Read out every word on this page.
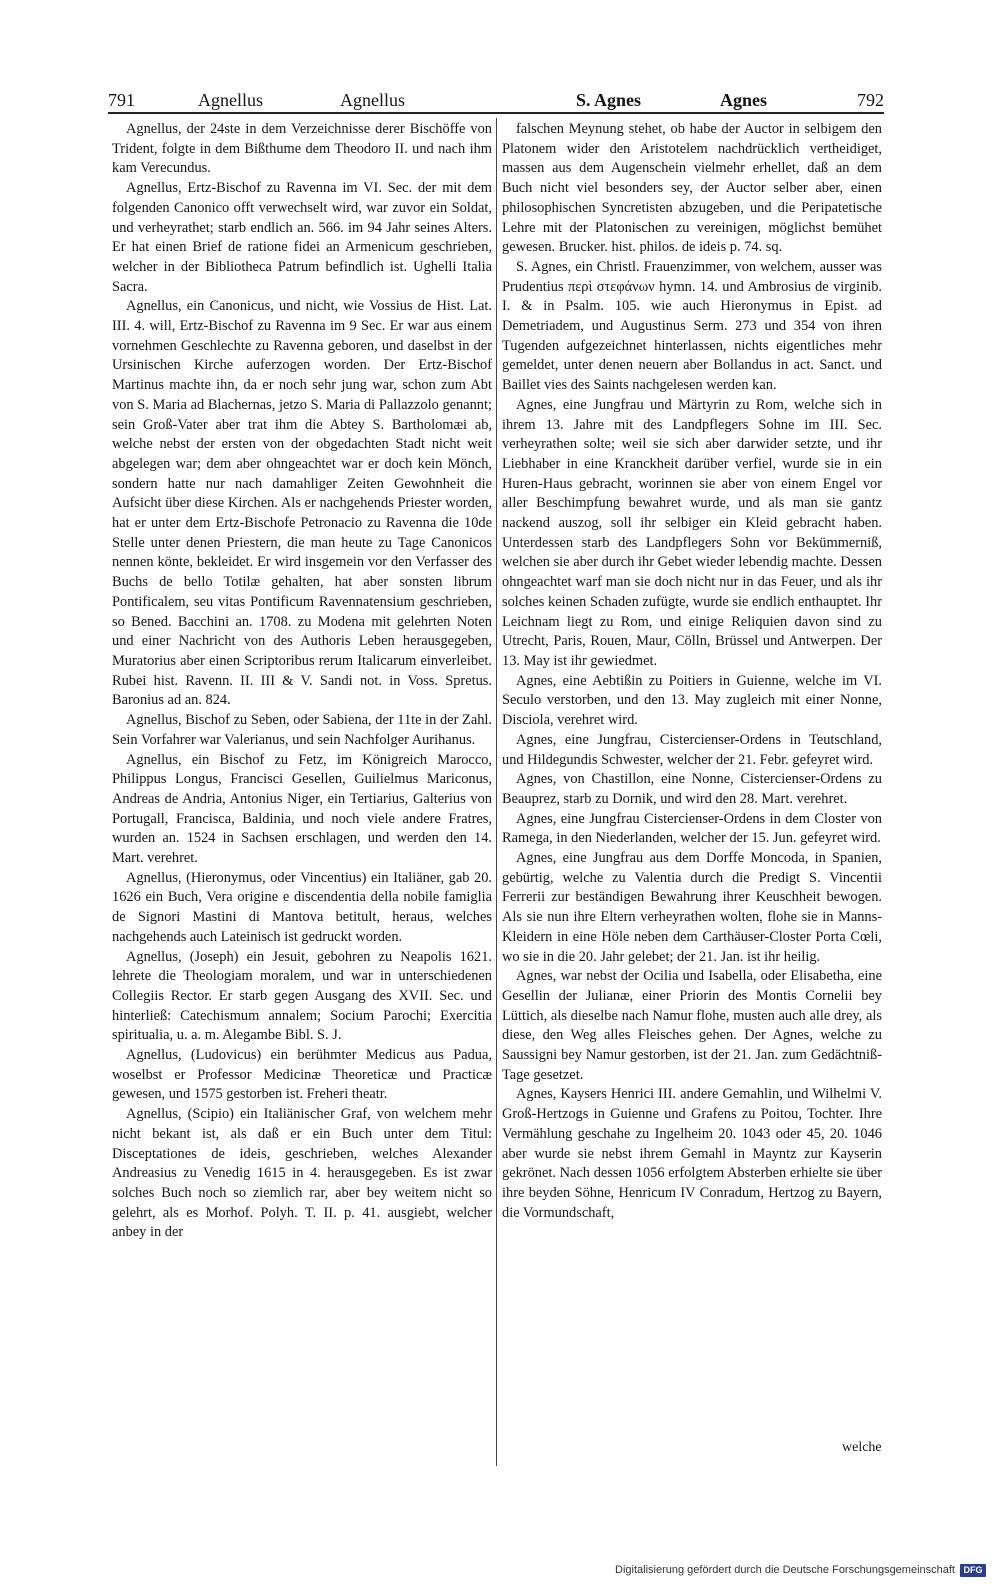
791	Agnellus	Agnellus	S. Agnes	Agnes	792

Agnellus, der 24ste in dem Verzeichnisse derer Bischöffe von Trident, folgte in dem Bißthume dem Theodoro II. und nach ihm kam Verecundus.

Agnellus, Ertz-Bischof zu Ravenna im VI. Sec. der mit dem folgenden Canonico offt verwechselt wird, war zuvor ein Soldat, und verheyrathet; starb endlich an. 566. im 94 Jahr seines Alters. Er hat einen Brief de ratione fidei an Armenicum geschrieben, welcher in der Bibliotheca Patrum befindlich ist. Ughelli Italia Sacra.

Agnellus, ein Canonicus, und nicht, wie Vossius de Hist. Lat. III. 4. will, Ertz-Bischof zu Ravenna im 9 Sec. Er war aus einem vornehmen Geschlechte zu Ravenna geboren, und daselbst in der Ursinischen Kirche auferzogen worden. Der Ertz-Bischof Martinus machte ihn, da er noch sehr jung war, schon zum Abt von S. Maria ad Blachernas, jetzo S. Maria di Pallazzolo genannt; sein Groß-Vater aber trat ihm die Abtey S. Bartholomæi ab, welche nebst der ersten von der obgedachten Stadt nicht weit abgelegen war; dem aber ohngeachtet war er doch kein Mönch, sondern hatte nur nach damahliger Zeiten Gewohnheit die Aufsicht über diese Kirchen. Als er nachgehends Priester worden, hat er unter dem Ertz-Bischofe Petronacio zu Ravenna die 10de Stelle unter denen Priestern, die man heute zu Tage Canonicos nennen könte, bekleidet. Er wird insgemein vor den Verfasser des Buchs de bello Totilæ gehalten, hat aber sonsten librum Pontificalem, seu vitas Pontificum Ravennatensium geschrieben, so Bened. Bacchini an. 1708. zu Modena mit gelehrten Noten und einer Nachricht von des Authoris Leben herausgegeben, Muratorius aber einen Scriptoribus rerum Italicarum einverleibet. Rubei hist. Ravenn. II. III & V. Sandi not. in Voss. Spretus. Baronius ad an. 824.

Agnellus, Bischof zu Seben, oder Sabiena, der 11te in der Zahl. Sein Vorfahrer war Valerianus, und sein Nachfolger Aurihanus.

Agnellus, ein Bischof zu Fetz, im Königreich Marocco, Philippus Longus, Francisci Gesellen, Guilielmus Mariconus, Andreas de Andria, Antonius Niger, ein Tertiarius, Galterius von Portugall, Francisca, Baldinia, und noch viele andere Fratres, wurden an. 1524 in Sachsen erschlagen, und werden den 14. Mart. verehret.

Agnellus, (Hieronymus, oder Vincentius) ein Italiäner, gab 20. 1626 ein Buch, Vera origine e discendentia della nobile famiglia de Signori Mastini di Mantova betitult, heraus, welches nachgehends auch Lateinisch ist gedruckt worden.

Agnellus, (Joseph) ein Jesuit, gebohren zu Neapolis 1621. lehrete die Theologiam moralem, und war in unterschiedenen Collegiis Rector. Er starb gegen Ausgang des XVII. Sec. und hinterließ: Catechismum annalem; Socium Parochi; Exercitia spiritualia, u. a. m. Alegambe Bibl. S. J.

Agnellus, (Ludovicus) ein berühmter Medicus aus Padua, woselbst er Professor Medicinæ Theoreticæ und Practicæ gewesen, und 1575 gestorben ist. Freheri theatr.

Agnellus, (Scipio) ein Italiänischer Graf, von welchem mehr nicht bekant ist, als daß er ein Buch unter dem Titul: Disceptationes de ideis, geschrieben, welches Alexander Andreasius zu Venedig 1615 in 4. herausgegeben. Es ist zwar solches Buch noch so ziemlich rar, aber bey weitem nicht so gelehrt, als es Morhof. Polyh. T. II. p. 41. ausgiebt, welcher anbey in der

falschen Meynung stehet, ob habe der Auctor in selbigem den Platonem wider den Aristotelem nachdrücklich vertheidiget, massen aus dem Augenschein vielmehr erhellet, daß an dem Buch nicht viel besonders sey, der Auctor selber aber, einen philosophischen Syncretisten abzugeben, und die Peripatetische Lehre mit der Platonischen zu vereinigen, möglichst bemühet gewesen. Brucker. hist. philos. de ideis p. 74. sq.

S. Agnes, ein Christl. Frauenzimmer, von welchem, ausser was Prudentius περὶ στεφάνων hymn. 14. und Ambrosius de virginib. I. & in Psalm. 105. wie auch Hieronymus in Epist. ad Demetriadem, und Augustinus Serm. 273 und 354 von ihren Tugenden aufgezeichnet hinterlassen, nichts eigentliches mehr gemeldet, unter denen neuern aber Bollandus in act. Sanct. und Baillet vies des Saints nachgelesen werden kan.

Agnes, eine Jungfrau und Märtyrin zu Rom, welche sich in ihrem 13. Jahre mit des Landpflegers Sohne im III. Sec. verheyrathen solte; weil sie sich aber darwider setzte, und ihr Liebhaber in eine Kranckheit darüber verfiel, wurde sie in ein Huren-Haus gebracht, worinnen sie aber von einem Engel vor aller Beschimpfung bewahret wurde, und als man sie gantz nackend auszog, soll ihr selbiger ein Kleid gebracht haben. Unterdessen starb des Landpflegers Sohn vor Bekümmerniß, welchen sie aber durch ihr Gebet wieder lebendig machte. Dessen ohngeachtet warf man sie doch nicht nur in das Feuer, und als ihr solches keinen Schaden zufügte, wurde sie endlich enthauptet. Ihr Leichnam liegt zu Rom, und einige Reliquien davon sind zu Utrecht, Paris, Rouen, Maur, Cölln, Brüssel und Antwerpen. Der 13. May ist ihr gewiedmet.

Agnes, eine Aebtißin zu Poitiers in Guienne, welche im VI. Seculo verstorben, und den 13. May zugleich mit einer Nonne, Disciola, verehret wird.

Agnes, eine Jungfrau, Cistercienser-Ordens in Teutschland, und Hildegundis Schwester, welcher der 21. Febr. gefeyret wird.

Agnes, von Chastillon, eine Nonne, Cistercienser-Ordens zu Beauprez, starb zu Dornik, und wird den 28. Mart. verehret.

Agnes, eine Jungfrau Cistercienser-Ordens in dem Closter von Ramega, in den Niederlanden, welcher der 15. Jun. gefeyret wird.

Agnes, eine Jungfrau aus dem Dorffe Moncoda, in Spanien, gebürtig, welche zu Valentia durch die Predigt S. Vincentii Ferrerii zur beständigen Bewahrung ihrer Keuschheit bewogen. Als sie nun ihre Eltern verheyrathen wolten, flohe sie in Manns-Kleidern in eine Höle neben dem Carthäuser-Closter Porta Cœli, wo sie in die 20. Jahr gelebet; der 21. Jan. ist ihr heilig.

Agnes, war nebst der Ocilia und Isabella, oder Elisabetha, eine Gesellin der Julianæ, einer Priorin des Montis Cornelii bey Lüttich, als dieselbe nach Namur flohe, musten auch alle drey, als diese, den Weg alles Fleisches gehen. Der Agnes, welche zu Saussigni bey Namur gestorben, ist der 21. Jan. zum Gedächtniß-Tage gesetzet.

Agnes, Kaysers Henrici III. andere Gemahlin, und Wilhelmi V. Groß-Hertzogs in Guienne und Grafens zu Poitou, Tochter. Ihre Vermählung geschahe zu Ingelheim 20. 1043 oder 45, 20. 1046 aber wurde sie nebst ihrem Gemahl in Mayntz zur Kayserin gekrönet. Nach dessen 1056 erfolgtem Absterben erhielte sie über ihre beyden Söhne, Henricum IV Conradum, Hertzog zu Bayern, die Vormundschaft,

welche
Digitalisierung gefördert durch die Deutsche Forschungsgemeinschaft DFG
